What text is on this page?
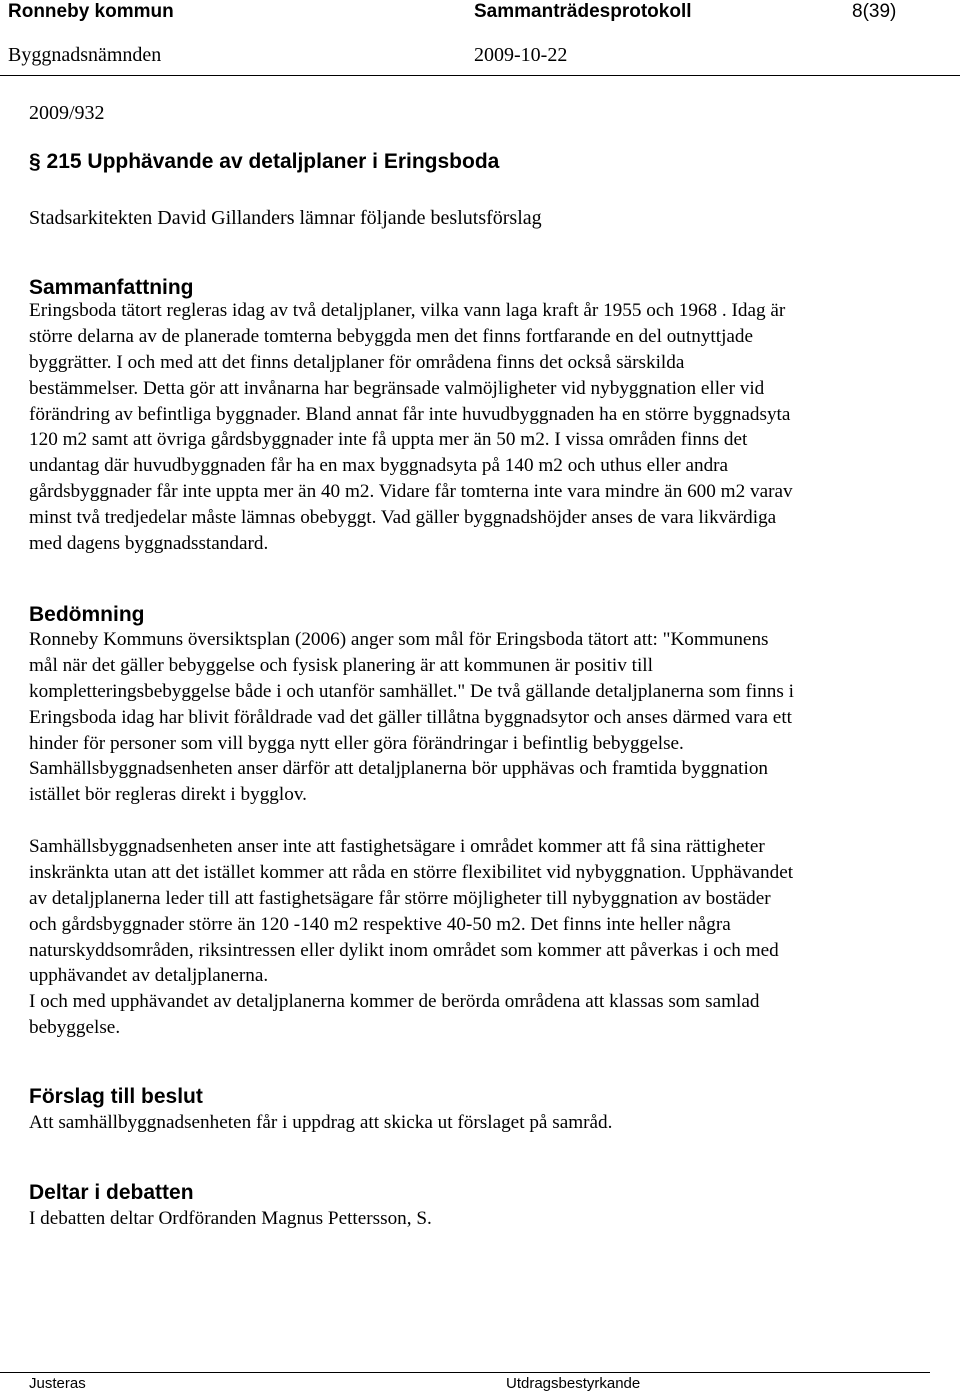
Ronneby kommun	Sammanträdesprotokoll	8(39)
Byggnadsnämnden	2009-10-22
2009/932
§ 215 Upphävande av detaljplaner i Eringsboda
Stadsarkitekten David Gillanders lämnar följande beslutsförslag
Sammanfattning
Eringsboda tätort regleras idag av två detaljplaner, vilka vann laga kraft år 1955 och 1968 . Idag är
större delarna av de planerade tomterna bebyggda men det finns fortfarande en del outnyttjade
byggrätter. I och med att det finns detaljplaner för områdena finns det också särskilda
bestämmelser. Detta gör att invånarna har begränsade valmöjligheter vid nybyggnation eller vid
förändring av befintliga byggnader. Bland annat får inte huvudbyggnaden ha en större byggnadsyta
120 m2 samt att övriga gårdsbyggnader inte få uppta mer än 50 m2. I vissa områden finns det
undantag där huvudbyggnaden får ha en max byggnadsyta på 140 m2 och uthus eller andra
gårdsbyggnader får inte uppta mer än 40 m2. Vidare får tomterna inte vara mindre än 600 m2 varav
minst två tredjedelar måste lämnas obebyggt. Vad gäller byggnadshöjder anses de vara likvärdiga
med dagens byggnadsstandard.
Bedömning
Ronneby Kommuns översiktsplan (2006) anger som mål för Eringsboda tätort att: "Kommunens
mål när det gäller bebyggelse och fysisk planering är att kommunen är positiv till
kompletteringsbebyggelse både i och utanför samhället." De två gällande detaljplanerna som finns i
Eringsboda idag har blivit föråldrade vad det gäller tillåtna byggnadsytor och anses därmed vara ett
hinder för personer som vill bygga nytt eller göra förändringar i befintlig bebyggelse.
Samhällsbyggnadsenheten anser därför att detaljplanerna bör upphävas och framtida byggnation
istället bör regleras direkt i bygglov.
Samhällsbyggnadsenheten anser inte att fastighetsägare i området kommer att få sina rättigheter
inskränkta utan att det istället kommer att råda en större flexibilitet vid nybyggnation. Upphävandet
av detaljplanerna leder till att fastighetsägare får större möjligheter till nybyggnation av bostäder
och gårdsbyggnader större än 120 -140 m2 respektive 40-50 m2. Det finns inte heller några
naturskyddsområden, riksintressen eller dylikt inom området som kommer att påverkas i och med
upphävandet av detaljplanerna.
I och med upphävandet av detaljplanerna kommer de berörda områdena att klassas som samlad
bebyggelse.
Förslag till beslut
Att samhällbyggnadsenheten får i uppdrag att skicka ut förslaget på samråd.
Deltar i debatten
I debatten deltar Ordföranden Magnus Pettersson, S.
Justeras	Utdragsbestyrkande
